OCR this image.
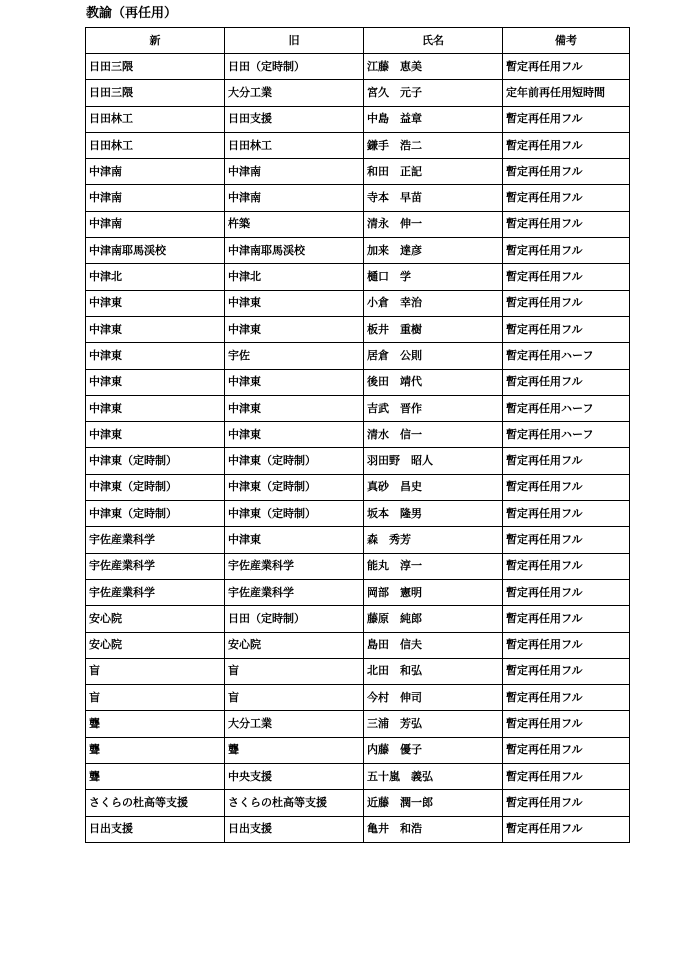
教諭（再任用）
新	旧	氏名	備考
日田三隈	日田（定時制）	江藤　恵美	暫定再任用フル
日田三隈	大分工業	宮久　元子	定年前再任用短時間
日田林工	日田支援	中島　益章	暫定再任用フル
日田林工	日田林工	鎌手　浩二	暫定再任用フル
中津南	中津南	和田　正記	暫定再任用フル
中津南	中津南	寺本　早苗	暫定再任用フル
中津南	杵築	清永　伸一	暫定再任用フル
中津南耶馬渓校	中津南耶馬渓校	加来　達彦	暫定再任用フル
中津北	中津北	樋口　学	暫定再任用フル
中津東	中津東	小倉　幸治	暫定再任用フル
中津東	中津東	板井　重樹	暫定再任用フル
中津東	宇佐	居倉　公則	暫定再任用ハーフ
中津東	中津東	後田　靖代	暫定再任用フル
中津東	中津東	吉武　晋作	暫定再任用ハーフ
中津東	中津東	清水　信一	暫定再任用ハーフ
中津東（定時制）	中津東（定時制）	羽田野　昭人	暫定再任用フル
中津東（定時制）	中津東（定時制）	真砂　昌史	暫定再任用フル
中津東（定時制）	中津東（定時制）	坂本　隆男	暫定再任用フル
宇佐産業科学	中津東	森　秀芳	暫定再任用フル
宇佐産業科学	宇佐産業科学	能丸　淳一	暫定再任用フル
宇佐産業科学	宇佐産業科学	岡部　憲明	暫定再任用フル
安心院	日田（定時制）	藤原　純郎	暫定再任用フル
安心院	安心院	島田　信夫	暫定再任用フル
盲	盲	北田　和弘	暫定再任用フル
盲	盲	今村　伸司	暫定再任用フル
聾	大分工業	三浦　芳弘	暫定再任用フル
聾	聾	内藤　優子	暫定再任用フル
聾	中央支援	五十嵐　義弘	暫定再任用フル
さくらの杜高等支援	さくらの杜高等支援	近藤　潤一郎	暫定再任用フル
日出支援	日出支援	亀井　和浩	暫定再任用フル
